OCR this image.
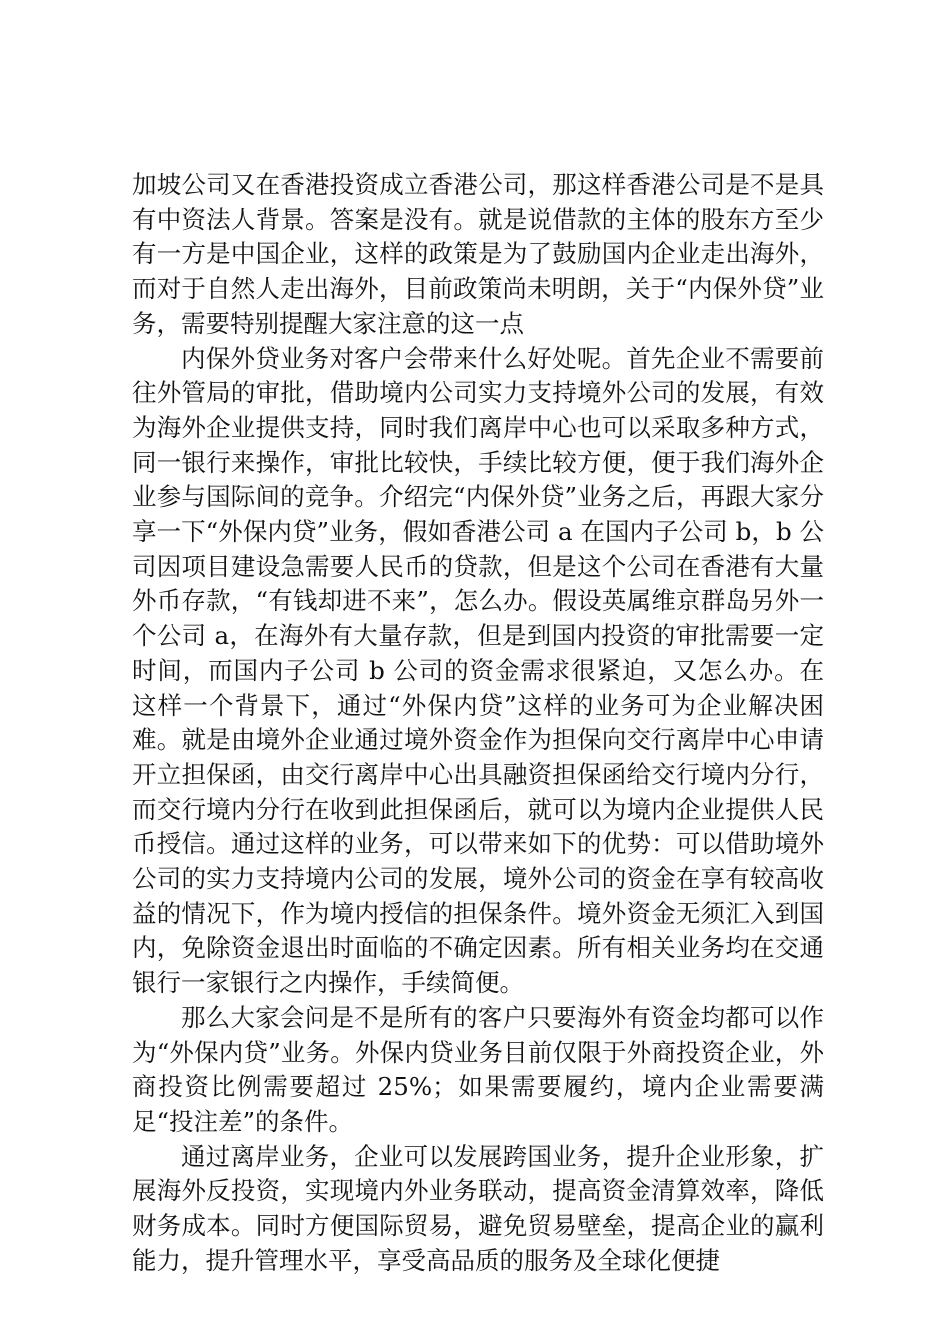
加坡公司又在香港投资成立香港公司，那这样香港公司是不是具有中资法人背景。答案是没有。就是说借款的主体的股东方至少有一方是中国企业，这样的政策是为了鼓励国内企业走出海外，而对于自然人走出海外，目前政策尚未明朗，关于“内保外贷”业务，需要特别提醒大家注意的这一点

内保外贷业务对客户会带来什么好处呢。首先企业不需要前往外管局的审批，借助境内公司实力支持境外公司的发展，有效为海外企业提供支持，同时我们离岸中心也可以采取多种方式，同一银行来操作，审批比较快，手续比较方便，便于我们海外企业参与国际间的竞争。介绍完“内保外贷”业务之后，再跟大家分享一下“外保内贷”业务，假如香港公司 a 在国内子公司 b，b 公司因项目建设急需要人民币的贷款，但是这个公司在香港有大量外币存款，“有钱却进不来”，怎么办。假设英属维京群岛另外一个公司 a，在海外有大量存款，但是到国内投资的审批需要一定时间，而国内子公司 b 公司的资金需求很紧迫，又怎么办。在这样一个背景下，通过“外保内贷”这样的业务可为企业解决困难。就是由境外企业通过境外资金作为担保向交行离岸中心申请开立担保函，由交行离岸中心出具融资担保函给交行境内分行，而交行境内分行在收到此担保函后，就可以为境内企业提供人民币授信。通过这样的业务，可以带来如下的优势：可以借助境外公司的实力支持境内公司的发展，境外公司的资金在享有较高收益的情况下，作为境内授信的担保条件。境外资金无须汇入到国内，免除资金退出时面临的不确定因素。所有相关业务均在交通银行一家银行之内操作，手续简便。

那么大家会问是不是所有的客户只要海外有资金均都可以作为“外保内贷”业务。外保内贷业务目前仅限于外商投资企业，外商投资比例需要超过 25%；如果需要履约，境内企业需要满足“投注差”的条件。

通过离岸业务，企业可以发展跨国业务，提升企业形象，扩展海外反投资，实现境内外业务联动，提高资金清算效率，降低财务成本。同时方便国际贸易，避免贸易壁垒，提高企业的赢利能力，提升管理水平，享受高品质的服务及全球化便捷
